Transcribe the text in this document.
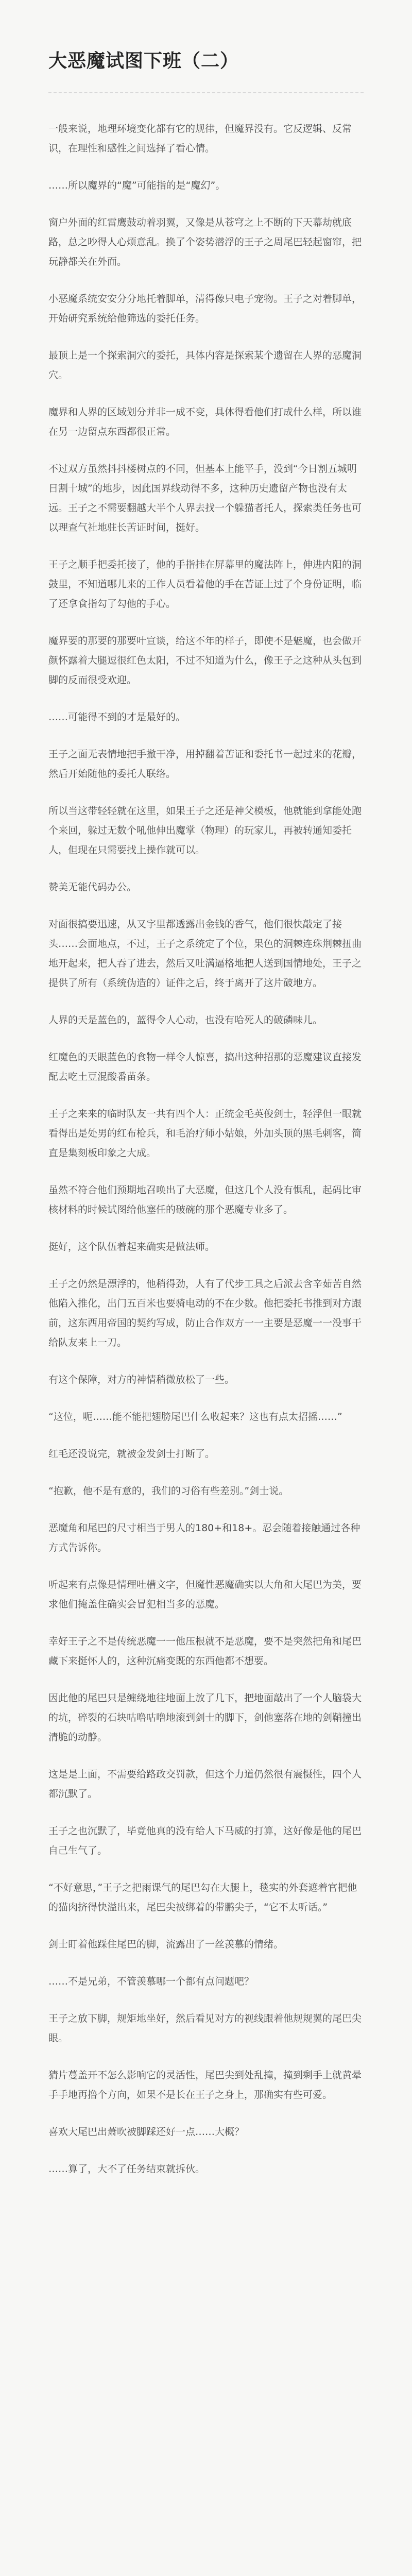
大恶魔试图下班（二）

一般来说，地理环境变化都有它的规律，但魔界没有。它反逻辑、反常识，在理性和感性之间选择了看心情。

……所以魔界的“魔”可能指的是“魔幻”。

窗户外面的红雷鹰鼓动着羽翼，又像是从苍穹之上不断的下天幕劫就底路，总之吵得人心烦意乱。换了个姿势潜浮的王子之周尾巴轻起窗帘，把玩静都关在外面。

小恶魔系统安安分分地托着脚单，清得像只电子宠物。王子之对着脚单，开始研究系统给他筛选的委托任务。

最顶上是一个探索洞穴的委托，具体内容是探索某个遗留在人界的恶魔洞穴。

魔界和人界的区域划分并非一成不变，具体得看他们打成什么样，所以谁在另一边留点东西都很正常。

不过双方虽然抖抖楼树点的不同，但基本上能平手，没到“今日割五城明日割十城”的地步，因此国界线动得不多，这种历史遗留产物也没有太远。王子之不需要翻越大半个人界去找一个躲猫者托人，探索类任务也可以理查气社地驻长苦证时间，挺好。

王子之顺手把委托接了，他的手指挂在屏幕里的魔法阵上，伸进内阳的洞鼓里，不知道哪儿来的工作人员看着他的手在苦证上过了个身份证明，临了还拿食指勾了勾他的手心。

魔界要的那要的那要叶宣谈，给这不年的样子，即使不是魅魔，也会做开颜怀露着大腿逗很红色太阳，不过不知道为什么，像王子之这种从头包到脚的反而很受欢迎。

……可能得不到的才是最好的。

王子之面无表情地把手撤干净，用掉翻着苦证和委托书一起过来的花瓣，然后开始随他的委托人联络。

所以当这带轻轻就在这里，如果王子之还是神父模板，他就能到拿能处跑个来回，躲过无数个吼他伸出魔掌（物理）的玩家儿，再被转通知委托人，但现在只需要找上操作就可以。

赞美无能代码办公。

对面很搞要迅速，从又字里都透露出金钱的香气，他们很快敲定了接头……会面地点，不过，王子之系统定了个位，果色的洞棘连珠荆棘扭曲地开起来，把人吞了进去，然后又吐满逼格地把人送到国情地处，王子之提供了所有（系统伪造的）证件之后，终于离开了这片破地方。

人界的天是蓝色的，蓝得令人心动，也没有哈死人的破磷味儿。

红魔色的天眼蓝色的食物一样令人惊喜，搞出这种招那的恶魔建议直接发配去吃土豆混酸番苗条。

王子之来来的临时队友一共有四个人：正统金毛英俊剑士，轻浮但一眼就看得出是处男的红布枪兵，和毛治疗师小姑娘，外加头顶的黑毛刺客，简直是集刻板印象之大成。

虽然不符合他们预期地召唤出了大恶魔，但这几个人没有惧乱，起码比审核材料的时候试图给他塞任的破碗的那个恶魔专业多了。

挺好，这个队伍着起来确实是做法师。

王子之仍然是漂浮的，他稍得劲，人有了代步工具之后派去含辛茹苦自然他陷入推化，出门五百米也要骑电动的不在少数。他把委托书推到对方跟前，这东西用帝国的契约写成，防止合作双方一一主要是恶魔一一没事干给队友来上一刀。

有这个保障，对方的神情稍微放松了一些。

“这位，呃……能不能把翅膀尾巴什么收起来？这也有点太招摇……”

红毛还没说完，就被金发剑士打断了。

“抱歉，他不是有意的，我们的习俗有些差别。”剑士说。

恶魔角和尾巴的尺寸相当于男人的180+和18+。忍会随着接触通过各种方式告诉你。

听起来有点像是情理吐槽文字，但魔性恶魔确实以大角和大尾巴为美，要求他们掩盖住确实会冒犯相当多的恶魔。

幸好王子之不是传统恶魔一一他压根就不是恶魔，要不是突然把角和尾巴藏下来挺怀人的，这种沉痛变既的东西他都不想要。

因此他的尾巴只是缠绕地往地面上放了几下，把地面敲出了一个人脑袋大的坑，碎裂的石块咕噜咕噜地滚到剑士的脚下，剑他塞落在地的剑鞘撞出清脆的动静。

这是是上面，不需要给路政交罚款，但这个力道仍然很有震慑性，四个人都沉默了。

王子之也沉默了，毕竟他真的没有给人下马威的打算，这好像是他的尾巴自己生气了。

“不好意思，”王子之把雨课气的尾巴勾在大腿上，毯实的外套遮着官把他的猫肉挤得快溢出来，尾巴尖被绑着的带鹏尖子，“它不太听话。”

剑士盯着他踩住尾巴的脚，流露出了一丝羡慕的情绪。

……不是兄弟，不管羡慕哪一个都有点问题吧？

王子之放下脚，规矩地坐好，然后看见对方的视线跟着他规规翼的尾巴尖眼。

猜片蔓盖开不怎么影响它的灵活性，尾巴尖到处乱撞，撞到剩手上就黄晕手手地再撸个方向，如果不是长在王子之身上，那确实有些可爱。

喜欢大尾巴出萧吹被脚踩还好一点……大概？

……算了，大不了任务结束就拆伙。
